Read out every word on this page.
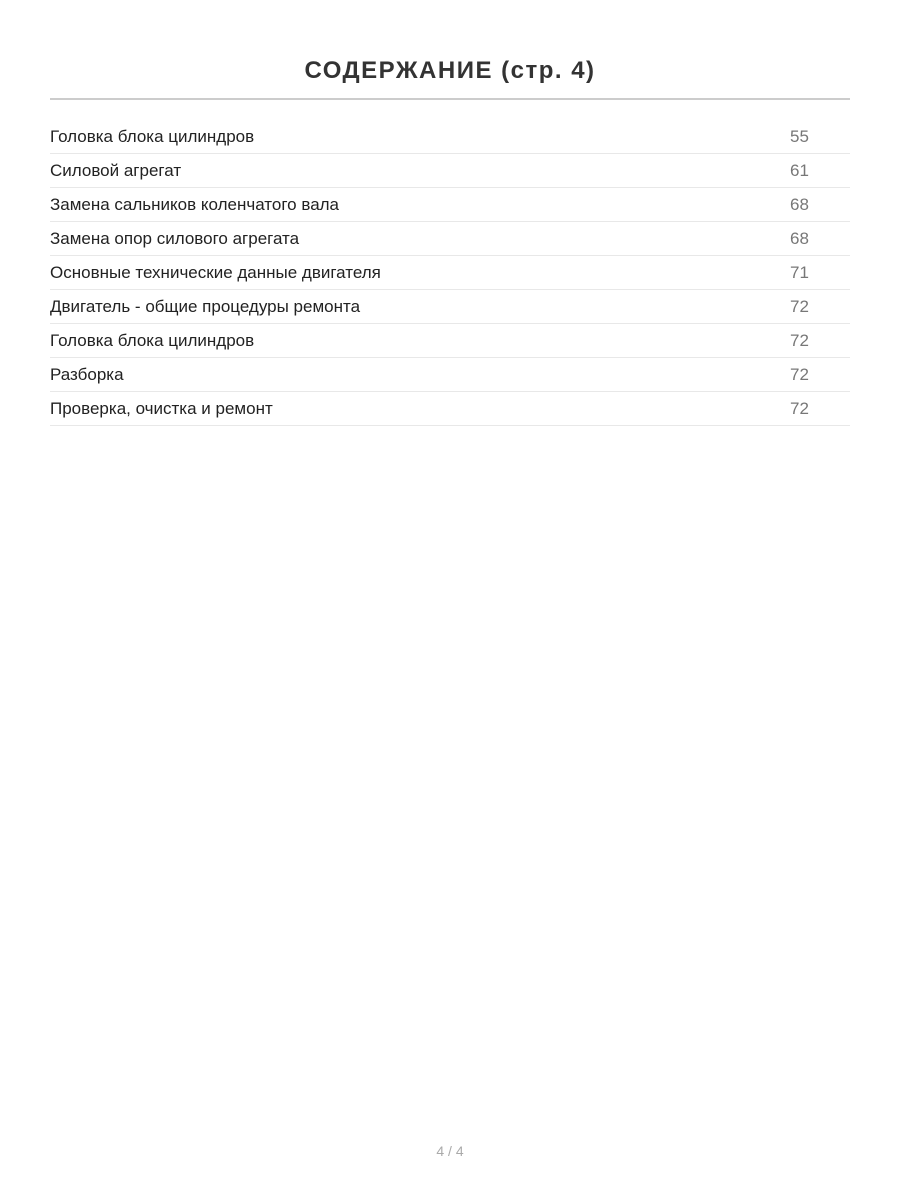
СОДЕРЖАНИЕ (стр. 4)
Головка блока цилиндров	55
Силовой агрегат	61
Замена сальников коленчатого вала	68
Замена опор силового агрегата	68
Основные технические данные двигателя	71
Двигатель - общие процедуры ремонта	72
Головка блока цилиндров	72
Разборка	72
Проверка, очистка и ремонт	72
4 / 4
